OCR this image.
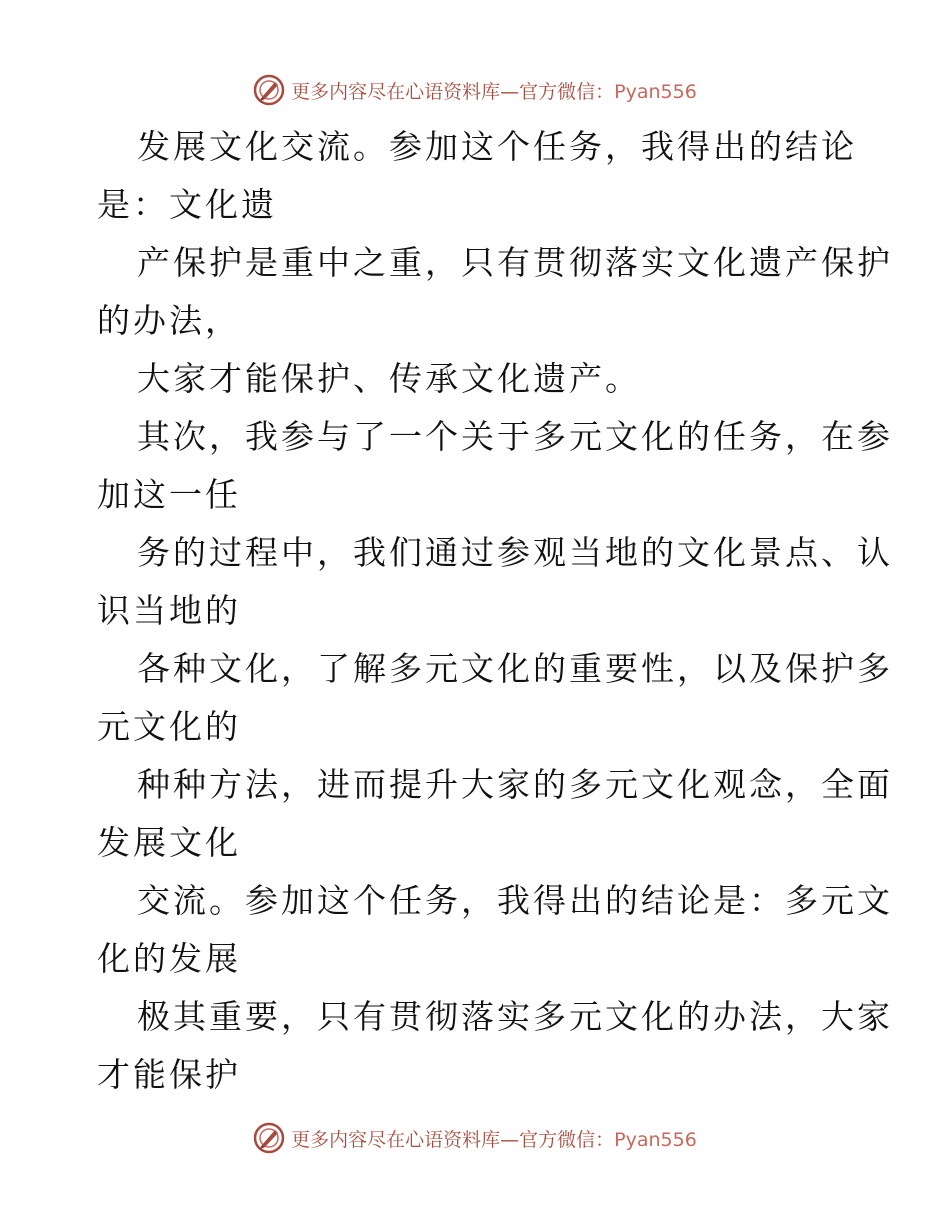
更多内容尽在心语资料库—官方微信：Pyan556
发展文化交流。参加这个任务，我得出的结论
是：文化遗
产保护是重中之重，只有贯彻落实文化遗产保护
的办法，
大家才能保护、传承文化遗产。
其次，我参与了一个关于多元文化的任务，在参
加这一任
务的过程中，我们通过参观当地的文化景点、认
识当地的
各种文化，了解多元文化的重要性，以及保护多
元文化的
种种方法，进而提升大家的多元文化观念，全面
发展文化
交流。参加这个任务，我得出的结论是：多元文
化的发展
极其重要，只有贯彻落实多元文化的办法，大家
才能保护
更多内容尽在心语资料库—官方微信：Pyan556
